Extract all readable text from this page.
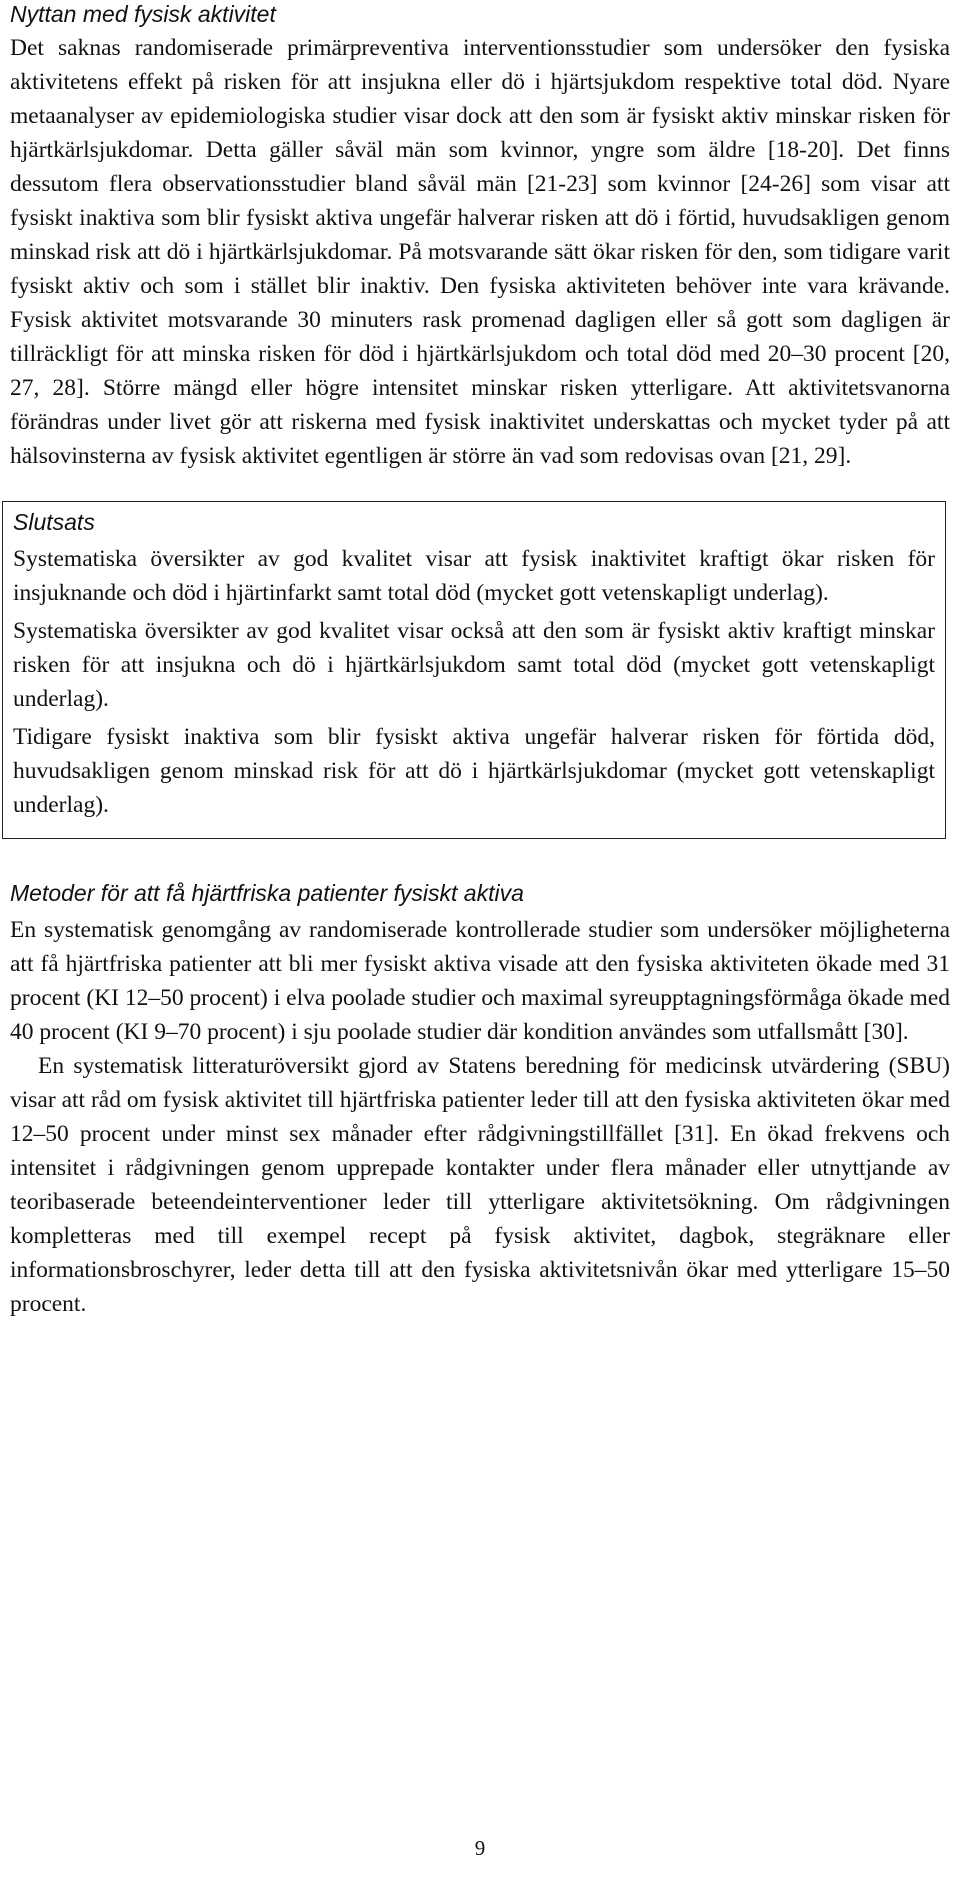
Nyttan med fysisk aktivitet

Det saknas randomiserade primärpreventiva interventionsstudier som undersöker den fysiska aktivitetens effekt på risken för att insjukna eller dö i hjärtsjukdom respektive total död. Nyare metaanalyser av epidemiologiska studier visar dock att den som är fysiskt aktiv minskar risken för hjärtkärlsjukdomar. Detta gäller såväl män som kvinnor, yngre som äldre [18-20]. Det finns dessutom flera observationsstudier bland såväl män [21-23] som kvinnor [24-26] som visar att fysiskt inaktiva som blir fysiskt aktiva ungefär halverar risken att dö i förtid, huvudsakligen genom minskad risk att dö i hjärtkärlsjukdomar. På motsvarande sätt ökar risken för den, som tidigare varit fysiskt aktiv och som i stället blir inaktiv. Den fysiska aktiviteten behöver inte vara krävande. Fysisk aktivitet motsvarande 30 minuters rask promenad dagligen eller så gott som dagligen är tillräckligt för att minska risken för död i hjärtkärlsjukdom och total död med 20–30 procent [20, 27, 28]. Större mängd eller högre intensitet minskar risken ytterligare. Att aktivitetsvanorna förändras under livet gör att riskerna med fysisk inaktivitet underskattas och mycket tyder på att hälsovinsterna av fysisk aktivitet egentligen är större än vad som redovisas ovan [21, 29].

Slutsats

Systematiska översikter av god kvalitet visar att fysisk inaktivitet kraftigt ökar risken för insjuknande och död i hjärtinfarkt samt total död (mycket gott vetenskapligt underlag).

Systematiska översikter av god kvalitet visar också att den som är fysiskt aktiv kraftigt minskar risken för att insjukna och dö i hjärtkärlsjukdom samt total död (mycket gott vetenskapligt underlag).

Tidigare fysiskt inaktiva som blir fysiskt aktiva ungefär halverar risken för förtida död, huvudsakligen genom minskad risk för att dö i hjärtkärlsjukdomar (mycket gott vetenskapligt underlag).

Metoder för att få hjärtfriska patienter fysiskt aktiva

En systematisk genomgång av randomiserade kontrollerade studier som undersöker möjligheterna att få hjärtfriska patienter att bli mer fysiskt aktiva visade att den fysiska aktiviteten ökade med 31 procent (KI 12–50 procent) i elva poolade studier och maximal syreupptagningsförmåga ökade med 40 procent (KI 9–70 procent) i sju poolade studier där kondition användes som utfallsmått [30].

En systematisk litteraturöversikt gjord av Statens beredning för medicinsk utvärdering (SBU) visar att råd om fysisk aktivitet till hjärtfriska patienter leder till att den fysiska aktiviteten ökar med 12–50 procent under minst sex månader efter rådgivningstillfället [31]. En ökad frekvens och intensitet i rådgivningen genom upprepade kontakter under flera månader eller utnyttjande av teoribaserade beteendeinterventioner leder till ytterligare aktivitetsökning. Om rådgivningen kompletteras med till exempel recept på fysisk aktivitet, dagbok, stegräknare eller informationsbroschyrer, leder detta till att den fysiska aktivitetsnivån ökar med ytterligare 15–50 procent.

9
